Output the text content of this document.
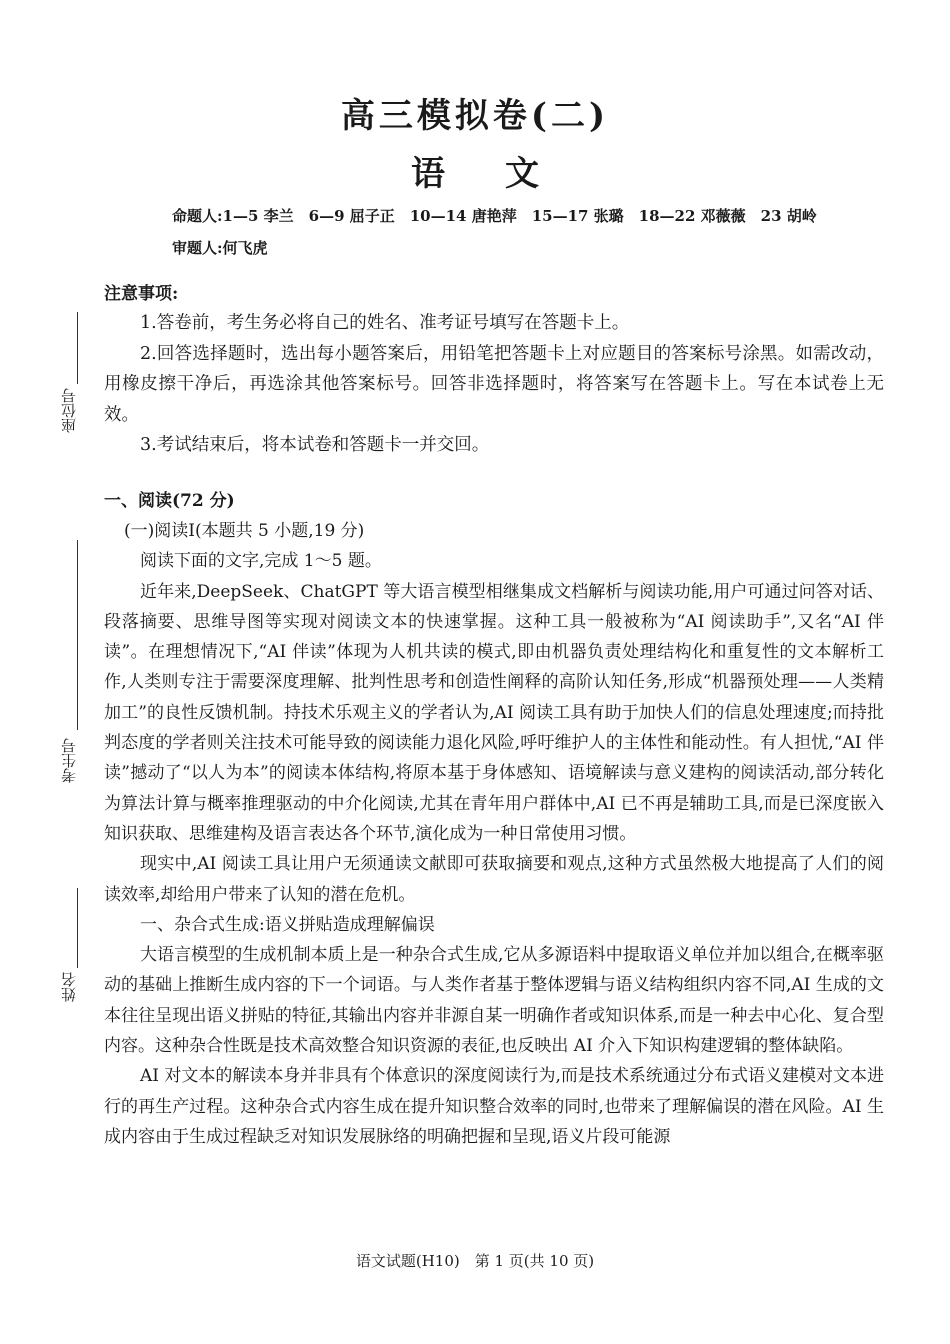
座位号
考生号
姓名
高三模拟卷(二)
语文
命题人:1—5 李兰　6—9 屈子正　10—14 唐艳萍　15—17 张璐　18—22 邓薇薇　23 胡岭
审题人:何飞虎
注意事项:

1.答卷前，考生务必将自己的姓名、准考证号填写在答题卡上。

2.回答选择题时，选出每小题答案后，用铅笔把答题卡上对应题目的答案标号涂黑。如需改动，用橡皮擦干净后，再选涂其他答案标号。回答非选择题时，将答案写在答题卡上。写在本试卷上无效。

3.考试结束后，将本试卷和答题卡一并交回。

一、阅读(72 分)

(一)阅读Ⅰ(本题共 5 小题,19 分)

阅读下面的文字,完成 1～5 题。

近年来,DeepSeek、ChatGPT 等大语言模型相继集成文档解析与阅读功能,用户可通过问答对话、段落摘要、思维导图等实现对阅读文本的快速掌握。这种工具一般被称为“AI 阅读助手”,又名“AI 伴读”。在理想情况下,“AI 伴读”体现为人机共读的模式,即由机器负责处理结构化和重复性的文本解析工作,人类则专注于需要深度理解、批判性思考和创造性阐释的高阶认知任务,形成“机器预处理——人类精加工”的良性反馈机制。持技术乐观主义的学者认为,AI 阅读工具有助于加快人们的信息处理速度;而持批判态度的学者则关注技术可能导致的阅读能力退化风险,呼吁维护人的主体性和能动性。有人担忧,“AI 伴读”撼动了“以人为本”的阅读本体结构,将原本基于身体感知、语境解读与意义建构的阅读活动,部分转化为算法计算与概率推理驱动的中介化阅读,尤其在青年用户群体中,AI 已不再是辅助工具,而是已深度嵌入知识获取、思维建构及语言表达各个环节,演化成为一种日常使用习惯。

现实中,AI 阅读工具让用户无须通读文献即可获取摘要和观点,这种方式虽然极大地提高了人们的阅读效率,却给用户带来了认知的潜在危机。

一、杂合式生成:语义拼贴造成理解偏误

大语言模型的生成机制本质上是一种杂合式生成,它从多源语料中提取语义单位并加以组合,在概率驱动的基础上推断生成内容的下一个词语。与人类作者基于整体逻辑与语义结构组织内容不同,AI 生成的文本往往呈现出语义拼贴的特征,其输出内容并非源自某一明确作者或知识体系,而是一种去中心化、复合型内容。这种杂合性既是技术高效整合知识资源的表征,也反映出 AI 介入下知识构建逻辑的整体缺陷。

AI 对文本的解读本身并非具有个体意识的深度阅读行为,而是技术系统通过分布式语义建模对文本进行的再生产过程。这种杂合式内容生成在提升知识整合效率的同时,也带来了理解偏误的潜在风险。AI 生成内容由于生成过程缺乏对知识发展脉络的明确把握和呈现,语义片段可能源

语文试题(H10)　第 1 页(共 10 页)
